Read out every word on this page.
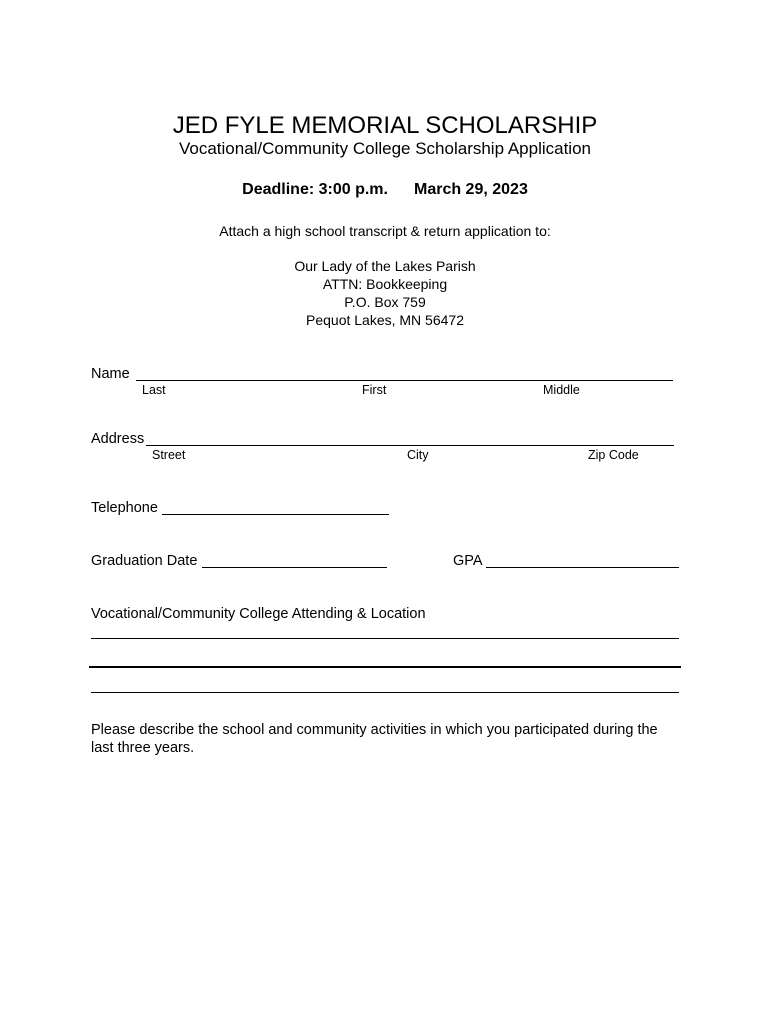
JED FYLE MEMORIAL SCHOLARSHIP
Vocational/Community College Scholarship Application
Deadline: 3:00 p.m. March 29, 2023
Attach a high school transcript & return application to:
Our Lady of the Lakes Parish
ATTN: Bookkeeping
P.O. Box 759
Pequot Lakes, MN 56472
Name
Last	First	Middle
Address
Street	City	Zip Code
Telephone
Graduation Date	GPA
Vocational/Community College Attending & Location
Please describe the school and community activities in which you participated during the last three years.
